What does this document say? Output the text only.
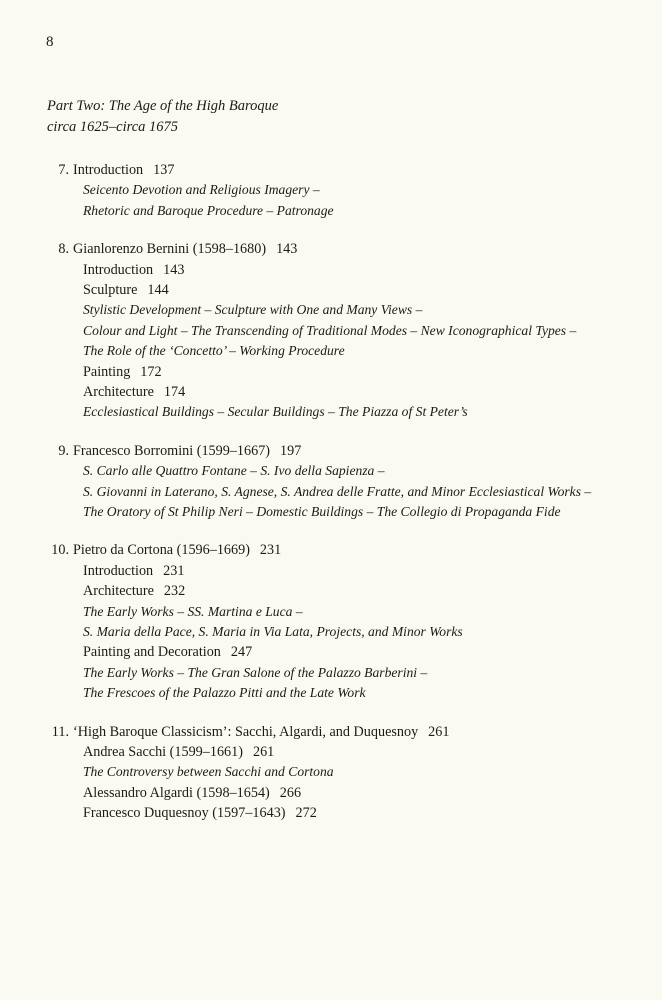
8
Part Two: The Age of the High Baroque
circa 1625–circa 1675
7. Introduction 137
Seicento Devotion and Religious Imagery –
Rhetoric and Baroque Procedure – Patronage
8. Gianlorenzo Bernini (1598–1680) 143
Introduction 143
Sculpture 144
Stylistic Development – Sculpture with One and Many Views –
Colour and Light – The Transcending of Traditional Modes – New Iconographical Types –
The Role of the ‘Concetto’ – Working Procedure
Painting 172
Architecture 174
Ecclesiastical Buildings – Secular Buildings – The Piazza of St Peter’s
9. Francesco Borromini (1599–1667) 197
S. Carlo alle Quattro Fontane – S. Ivo della Sapienza –
S. Giovanni in Laterano, S. Agnese, S. Andrea delle Fratte, and Minor Ecclesiastical Works –
The Oratory of St Philip Neri – Domestic Buildings – The Collegio di Propaganda Fide
10. Pietro da Cortona (1596–1669) 231
Introduction 231
Architecture 232
The Early Works – SS. Martina e Luca –
S. Maria della Pace, S. Maria in Via Lata, Projects, and Minor Works
Painting and Decoration 247
The Early Works – The Gran Salone of the Palazzo Barberini –
The Frescoes of the Palazzo Pitti and the Late Work
11. ‘High Baroque Classicism’: Sacchi, Algardi, and Duquesnoy 261
Andrea Sacchi (1599–1661) 261
The Controversy between Sacchi and Cortona
Alessandro Algardi (1598–1654) 266
Francesco Duquesnoy (1597–1643) 272
